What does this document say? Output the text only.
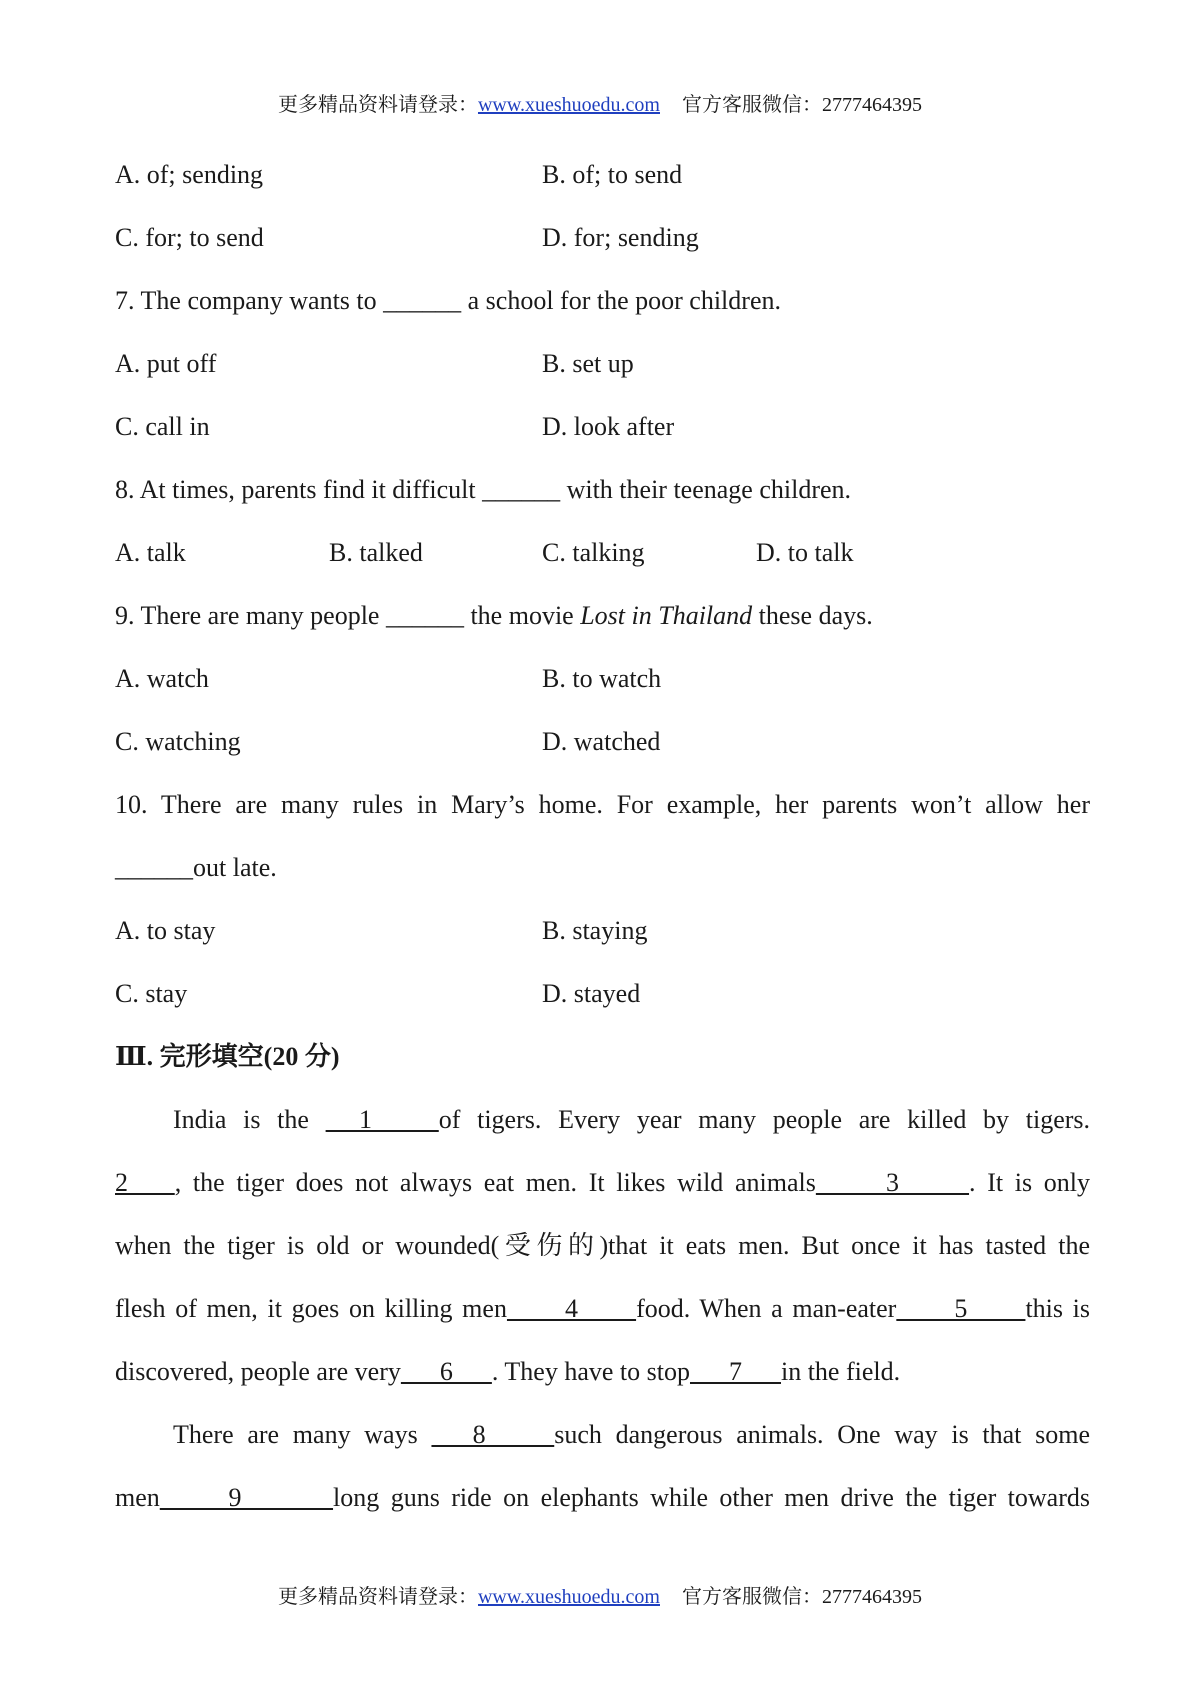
更多精品资料请登录：www.xueshuoedu.com 官方客服微信：2777464395
A. of; sending	B. of; to send
C. for; to send	D. for; sending
7. The company wants to ______ a school for the poor children.
A. put off	B. set up
C. call in	D. look after
8. At times, parents find it difficult ______ with their teenage children.
A. talk	B. talked	C. talking	D. to talk
9. There are many people ______ the movie Lost in Thailand these days.
A. watch	B. to watch
C. watching	D. watched
10. There are many rules in Mary’s home. For example, her parents won’t allow her
______out late.
A. to stay	B. staying
C. stay	D. stayed
Ⅲ. 完形填空(20 分)
India is the   1    of tigers. Every year many people are killed by tigers.
2    , the tiger does not always eat men. It likes wild animals      3      . It is only
when the tiger is old or wounded(受伤的)that it eats men. But once it has tasted the
flesh of men, it goes on killing men      4      food. When a man-eater      5      this is
discovered, people are very      6      . They have to stop      7      in the field.
There are many ways    8     such dangerous animals. One way is that some
men      9        long guns ride on elephants while other men drive the tiger towards
更多精品资料请登录：www.xueshuoedu.com 官方客服微信：2777464395
